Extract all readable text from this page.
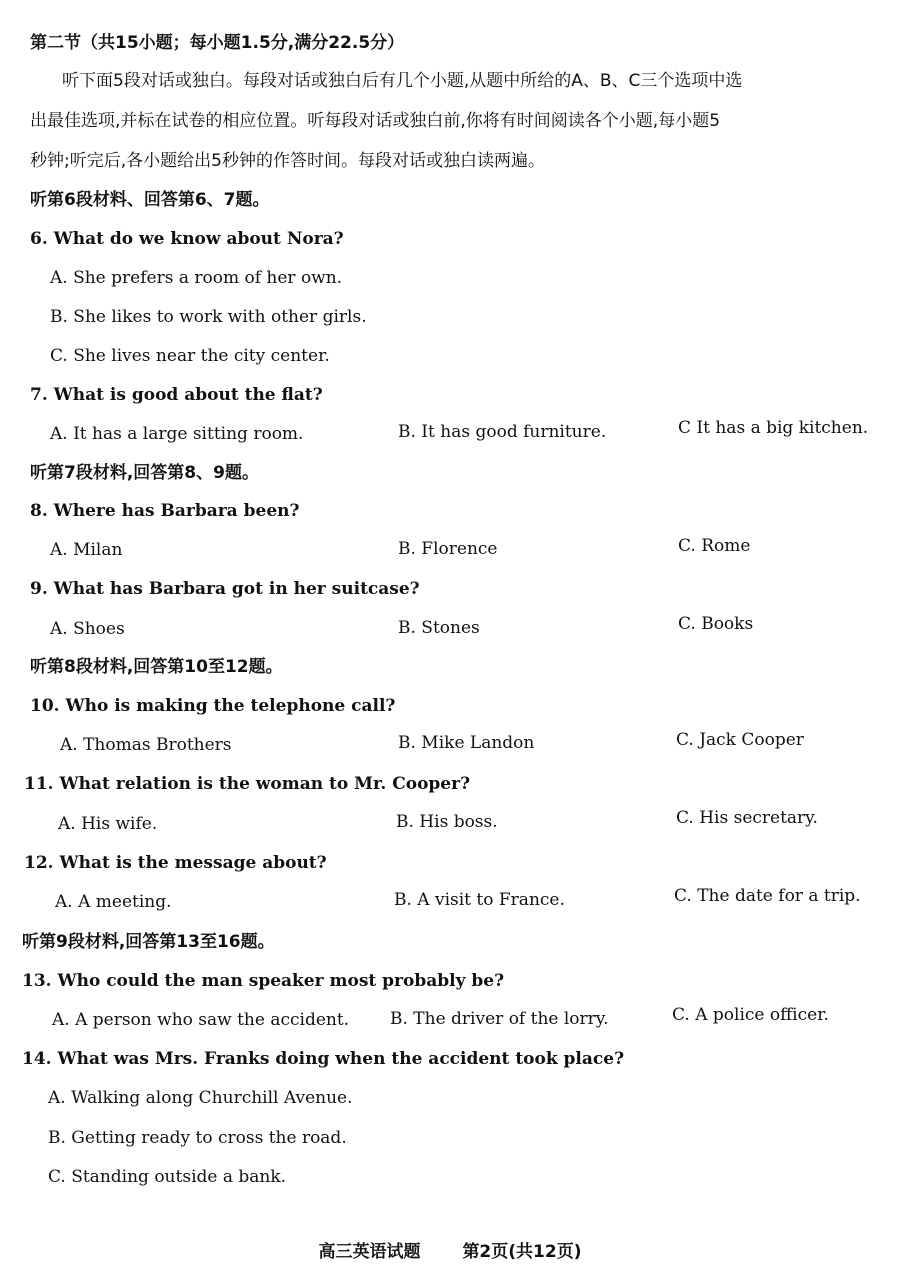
第二节（共15小题；每小题1.5分,满分22.5分）
听下面5段对话或独白。每段对话或独白后有几个小题,从题中所给的A、B、C三个选项中选
出最佳选项,并标在试卷的相应位置。听每段对话或独白前,你将有时间阅读各个小题,每小题5
秒钟;听完后,各小题给出5秒钟的作答时间。每段对话或独白读两遍。
听第6段材料、回答第6、7题。
6. What do we know about Nora?
A. She prefers a room of her own.
B. She likes to work with other girls.
C. She lives near the city center.
7. What is good about the flat?
A. It has a large sitting room.	B. It has good furniture.	C It has a big kitchen.
听第7段材料,回答第8、9题。
8. Where has Barbara been?
A. Milan	B. Florence	C. Rome
9. What has Barbara got in her suitcase?
A. Shoes	B. Stones	C. Books
听第8段材料,回答第10至12题。
10. Who is making the telephone call?
A. Thomas Brothers	B. Mike Landon	C. Jack Cooper
11. What relation is the woman to Mr. Cooper?
A. His wife.	B. His boss.	C. His secretary.
12. What is the message about?
A. A meeting.	B. A visit to France.	C. The date for a trip.
听第9段材料,回答第13至16题。
13. Who could the man speaker most probably be?
A. A person who saw the accident. B. The driver of the lorry.	C. A police officer.
14. What was Mrs. Franks doing when the accident took place?
A. Walking along Churchill Avenue.
B. Getting ready to cross the road.
C. Standing outside a bank.
高三英语试题 第2页(共12页)
